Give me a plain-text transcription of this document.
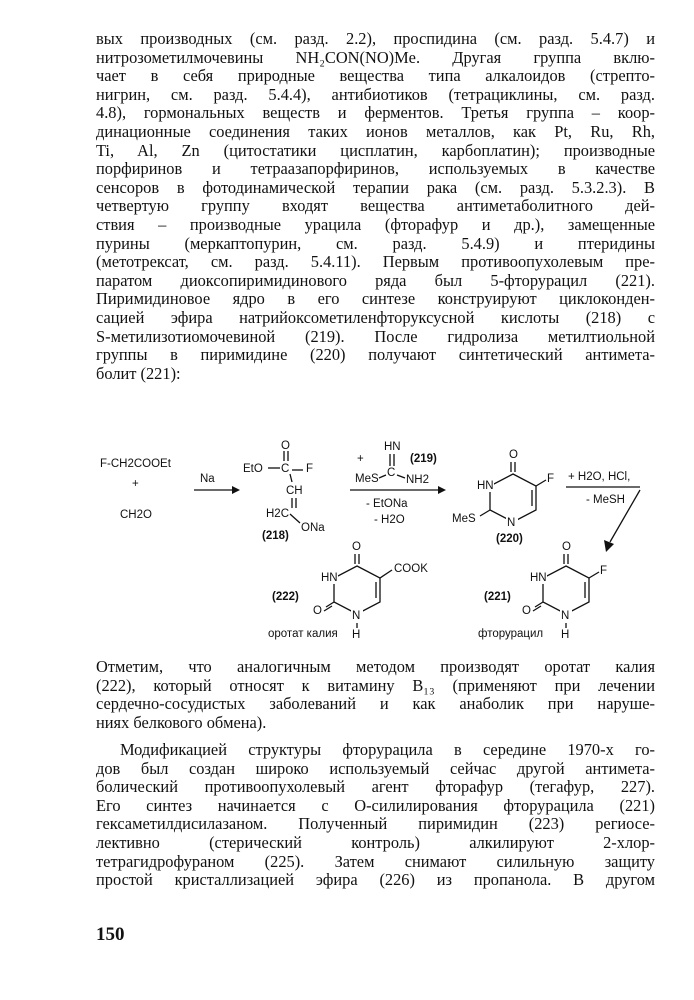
вых производных (см. разд. 2.2), проспидина (см. разд. 5.4.7) и
нитрозометилмочевины NH₂CON(NO)Me. Другая группа вклю-
чает в себя природные вещества типа алкалоидов (стрепто-
нигрин, см. разд. 5.4.4), антибиотиков (тетрациклины, см. разд.
4.8), гормональных веществ и ферментов. Третья группа – коор-
динационные соединения таких ионов металлов, как Pt, Ru, Rh,
Ti, Al, Zn (цитостатики цисплатин, карбоплатин); производные
порфиринов и тетраазапорфиринов, используемых в качестве
сенсоров в фотодинамической терапии рака (см. разд. 5.3.2.3). В
четвертую группу входят вещества антиметаболитного дей-
ствия – производные урацила (фторафур и др.), замещенные
пурины (меркаптопурин, см. разд. 5.4.9) и птеридины
(метотрексат, см. разд. 5.4.11). Первым противоопухолевым пре-
паратом диоксопиримидинового ряда был 5-фторурацил (221).
Пиримидиновое ядро в его синтезе конструируют циклоконден-
сацией эфира натрийоксометиленфторуксусной кислоты (218) с
S-метилизотиомочевиной (219). После гидролиза метилтиольной
группы в пиримидине (220) получают синтетический антимета-
болит (221):
F-CH2COOEt
+
CH2O
Na
EtO C
O
F
CH
H2C
ONa
(218)
+
HN
(219)
MeS C
NH2
- EtONa
- H2O
O
F
HN
N
MeS
(220)
+ H2O, HCl,
- MeSH
O
COOK
HN
N
H
O
(222)
оротат калия
O
F
HN
N
H
O
(221)
фторурацил
Отметим, что аналогичным методом производят оротат калия
(222), который относят к витамину B₁₃ (применяют при лечении
сердечно-сосудистых заболеваний и как анаболик при наруше-
ниях белкового обмена).
Модификацией структуры фторурацила в середине 1970-х го-
дов был создан широко используемый сейчас другой антимета-
болический противоопухолевый агент фторафур (тегафур, 227).
Его синтез начинается с О-силилирования фторурацила (221)
гексаметилдисилазаном. Полученный пиримидин (223) региосе-
лективно (стерический контроль) алкилируют 2-хлор-
тетрагидрофураном (225). Затем снимают силильную защиту
простой кристаллизацией эфира (226) из пропанола. В другом
150
